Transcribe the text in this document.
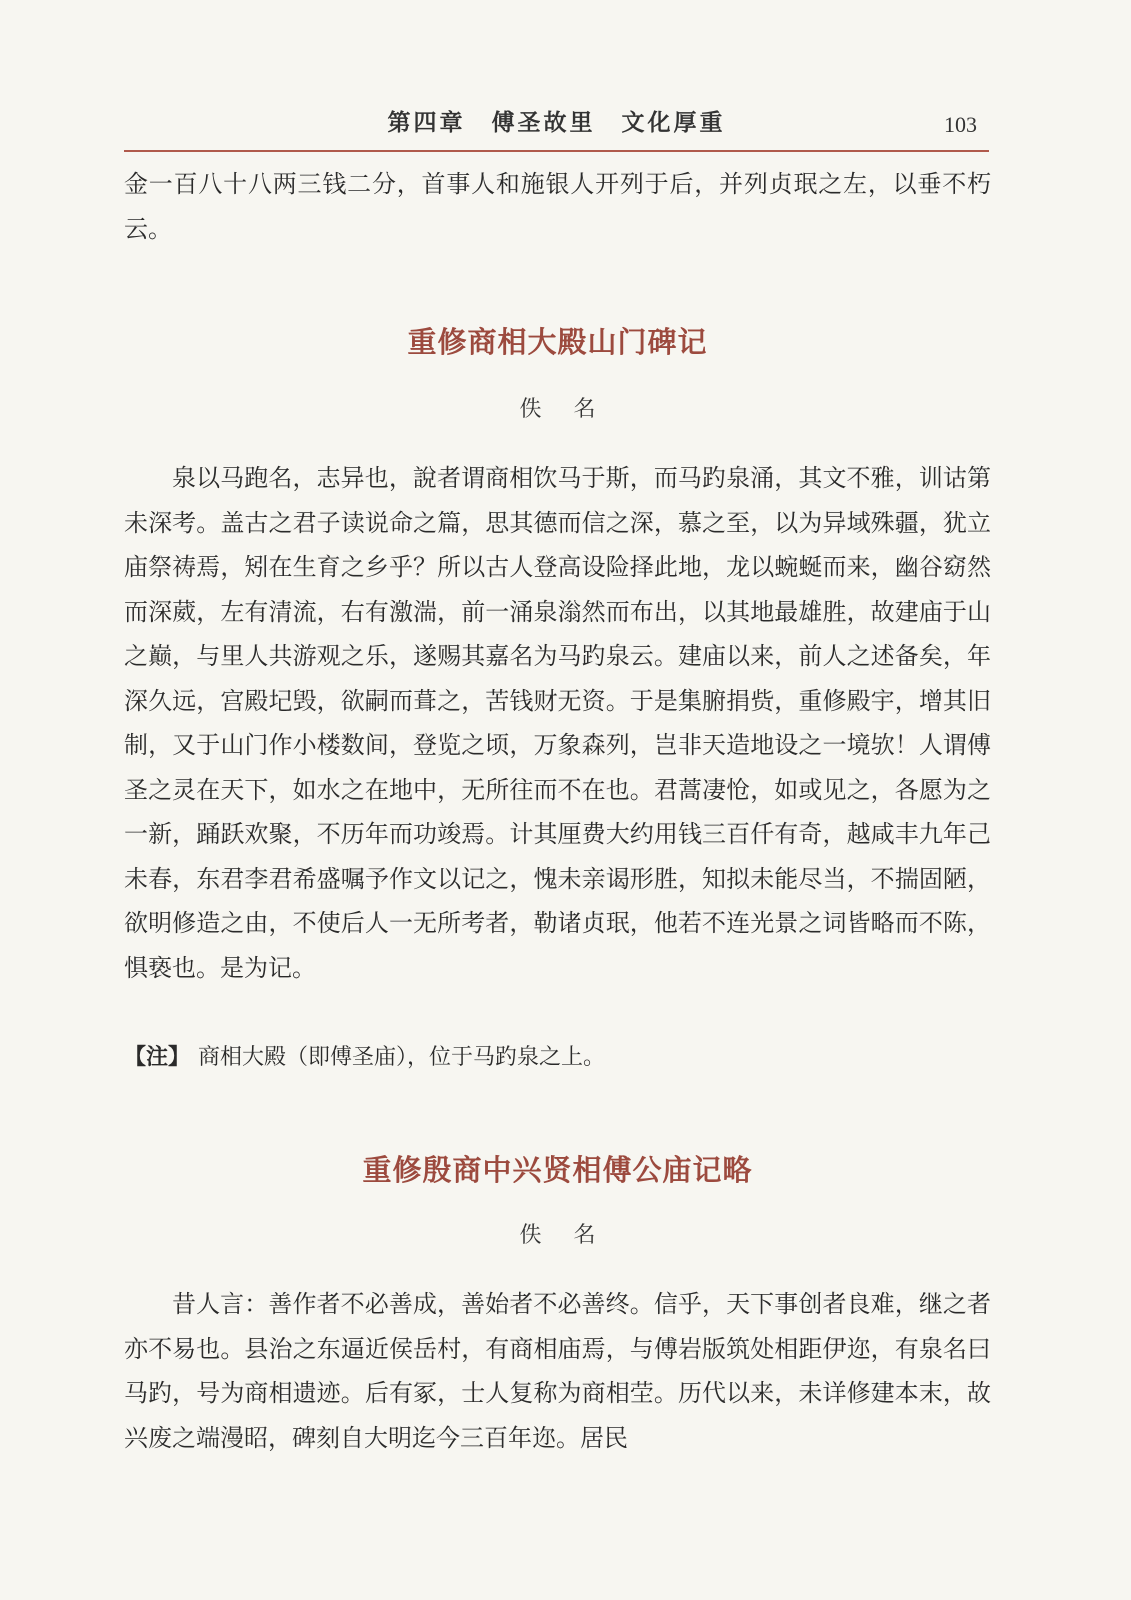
第四章　傅圣故里　文化厚重	103

金一百八十八两三钱二分，首事人和施银人开列于后，并列贞珉之左，以垂不朽云。

重修商相大殿山门碑记
佚名

泉以马跑名，志异也，說者谓商相饮马于斯，而马趵泉涌，其文不雅，训诂第未深考。盖古之君子读说命之篇，思其德而信之深，慕之至，以为异域殊疆，犹立庙祭祷焉，矧在生育之乡乎？所以古人登高设险择此地，龙以蜿蜒而来，幽谷窈然而深葳，左有清流，右有激湍，前一涌泉滃然而布出，以其地最雄胜，故建庙于山之巅，与里人共游观之乐，遂赐其嘉名为马趵泉云。建庙以来，前人之述备矣，年深久远，宫殿圮毁，欲嗣而葺之，苦钱财无资。于是集腑捐赀，重修殿宇，增其旧制，又于山门作小楼数间，登览之顷，万象森列，岂非天造地设之一境欤！人谓傅圣之灵在天下，如水之在地中，无所往而不在也。君蒿凄怆，如或见之，各愿为之一新，踊跃欢聚，不历年而功竣焉。计其厘费大约用钱三百仟有奇，越咸丰九年己未春，东君李君希盛嘱予作文以记之，愧未亲谒形胜，知拟未能尽当，不揣固陋，欲明修造之由，不使后人一无所考者，勒诸贞珉，他若不连光景之词皆略而不陈，惧亵也。是为记。

【注】 商相大殿（即傅圣庙），位于马趵泉之上。
重修殷商中兴贤相傅公庙记略
佚名

昔人言：善作者不必善成，善始者不必善终。信乎，天下事创者良难，继之者亦不易也。县治之东逼近侯岳村，有商相庙焉，与傅岩版筑处相距伊迩，有泉名曰马趵，号为商相遗迹。后有冢，士人复称为商相茔。历代以来，未详修建本末，故兴废之端漫昭，碑刻自大明迄今三百年迩。居民
